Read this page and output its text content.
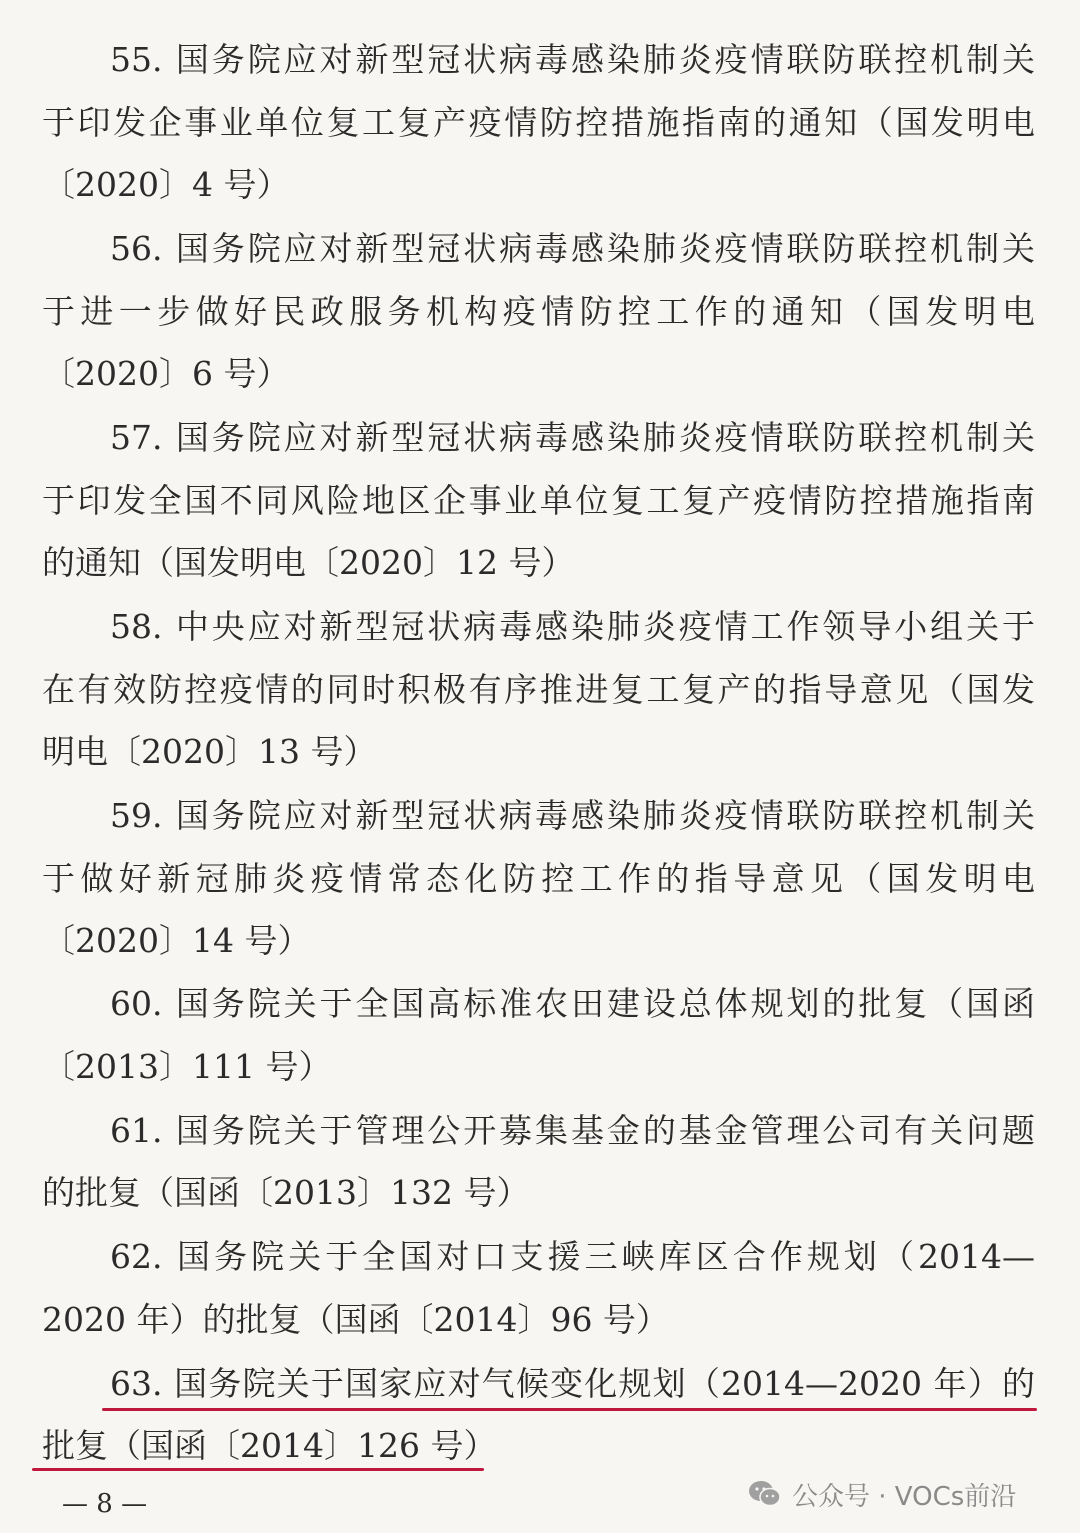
55. 国务院应对新型冠状病毒感染肺炎疫情联防联控机制关
于印发企事业单位复工复产疫情防控措施指南的通知（国发明电
〔2020〕4 号）
56. 国务院应对新型冠状病毒感染肺炎疫情联防联控机制关
于进一步做好民政服务机构疫情防控工作的通知（国发明电
〔2020〕6 号）
57. 国务院应对新型冠状病毒感染肺炎疫情联防联控机制关
于印发全国不同风险地区企事业单位复工复产疫情防控措施指南
的通知（国发明电〔2020〕12 号）
58. 中央应对新型冠状病毒感染肺炎疫情工作领导小组关于
在有效防控疫情的同时积极有序推进复工复产的指导意见（国发
明电〔2020〕13 号）
59. 国务院应对新型冠状病毒感染肺炎疫情联防联控机制关
于做好新冠肺炎疫情常态化防控工作的指导意见（国发明电
〔2020〕14 号）
60. 国务院关于全国高标准农田建设总体规划的批复（国函
〔2013〕111 号）
61. 国务院关于管理公开募集基金的基金管理公司有关问题
的批复（国函〔2013〕132 号）
62. 国务院关于全国对口支援三峡库区合作规划（2014—
2020 年）的批复（国函〔2014〕96 号）
63. 国务院关于国家应对气候变化规划（2014—2020 年）的
批复（国函〔2014〕126 号）
— 8 —	公众号 · VOCs前沿
